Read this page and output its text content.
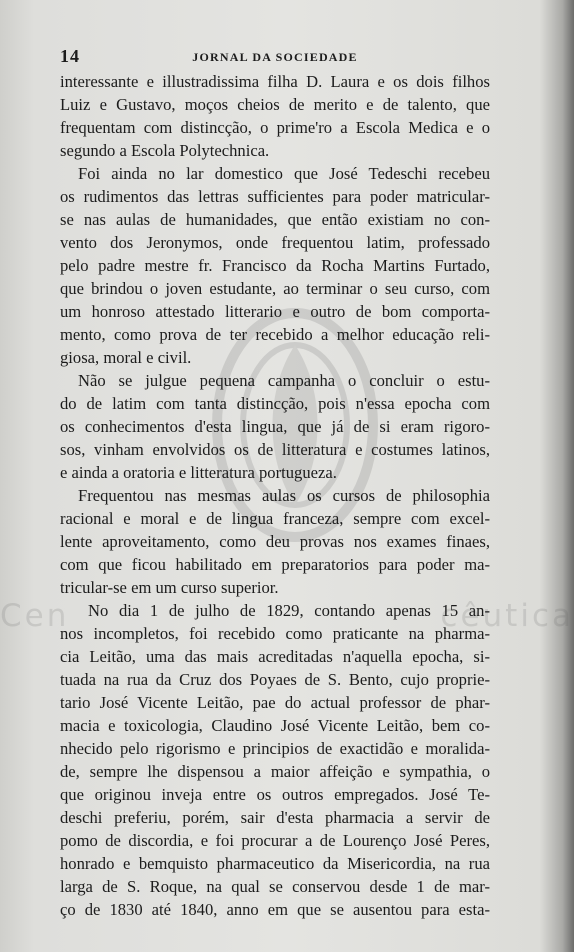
Cen	cêutica
14	JORNAL DA SOCIEDADE
interessante e illustradissima filha D. Laura e os dois filhos
Luiz e Gustavo, moços cheios de merito e de talento, que
frequentam com distincção, o prime'ro a Escola Medica e o
segundo a Escola Polytechnica.
Foi ainda no lar domestico que José Tedeschi recebeu
os rudimentos das lettras sufficientes para poder matricular-
se nas aulas de humanidades, que então existiam no con-
vento dos Jeronymos, onde frequentou latim, professado
pelo padre mestre fr. Francisco da Rocha Martins Furtado,
que brindou o joven estudante, ao terminar o seu curso, com
um honroso attestado litterario e outro de bom comporta-
mento, como prova de ter recebido a melhor educação reli-
giosa, moral e civil.
Não se julgue pequena campanha o concluir o estu-
do de latim com tanta distincção, pois n'essa epocha com
os conhecimentos d'esta lingua, que já de si eram rigoro-
sos, vinham envolvidos os de litteratura e costumes latinos,
e ainda a oratoria e litteratura portugueza.
Frequentou nas mesmas aulas os cursos de philosophia
racional e moral e de lingua franceza, sempre com excel-
lente aproveitamento, como deu provas nos exames finaes,
com que ficou habilitado em preparatorios para poder ma-
tricular-se em um curso superior.
No dia 1 de julho de 1829, contando apenas 15 an-
nos incompletos, foi recebido como praticante na pharma-
cia Leitão, uma das mais acreditadas n'aquella epocha, si-
tuada na rua da Cruz dos Poyaes de S. Bento, cujo proprie-
tario José Vicente Leitão, pae do actual professor de phar-
macia e toxicologia, Claudino José Vicente Leitão, bem co-
nhecido pelo rigorismo e principios de exactidão e moralida-
de, sempre lhe dispensou a maior affeição e sympathia, o
que originou inveja entre os outros empregados. José Te-
deschi preferiu, porém, sair d'esta pharmacia a servir de
pomo de discordia, e foi procurar a de Lourenço José Peres,
honrado e bemquisto pharmaceutico da Misericordia, na rua
larga de S. Roque, na qual se conservou desde 1 de mar-
ço de 1830 até 1840, anno em que se ausentou para esta-
